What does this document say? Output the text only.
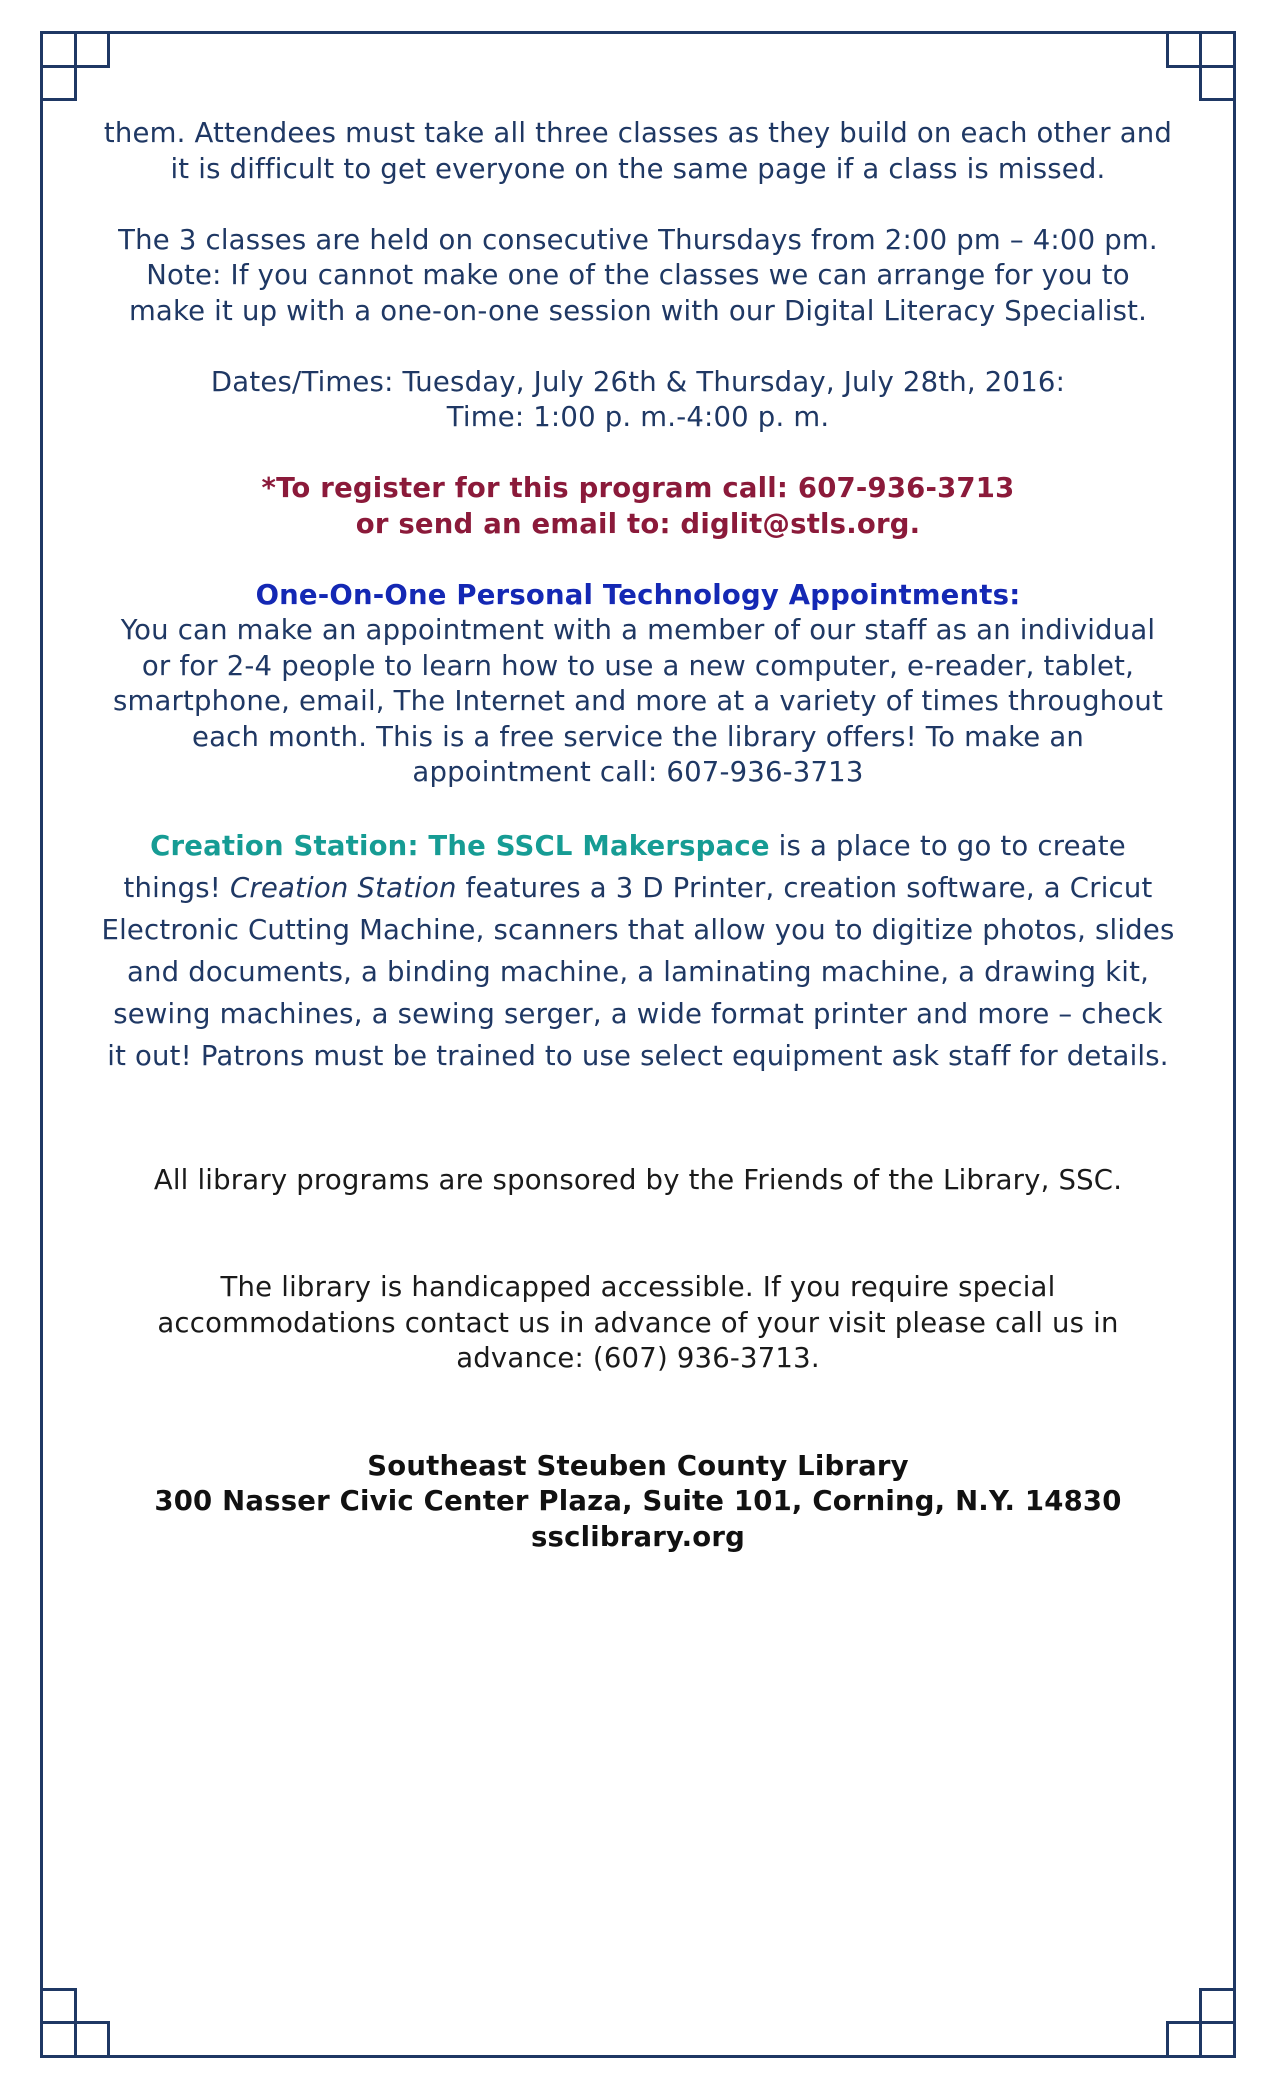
them. Attendees must take all three classes as they build on each other and

it is difficult to get everyone on the same page if a class is missed.

The 3 classes are held on consecutive Thursdays from 2:00 pm – 4:00 pm.

Note: If you cannot make one of the classes we can arrange for you to

make it up with a one-on-one session with our Digital Literacy Specialist.

Dates/Times: Tuesday, July 26th & Thursday, July 28th, 2016:

Time: 1:00 p. m.-4:00 p. m.

*To register for this program call: 607-936-3713

or send an email to: diglit@stls.org.

One-On-One Personal Technology Appointments:

You can make an appointment with a member of our staff as an individual

or for 2-4 people to learn how to use a new computer, e-reader, tablet,

smartphone, email, The Internet and more at a variety of times throughout

each month. This is a free service the library offers! To make an

appointment call: 607-936-3713

Creation Station: The SSCL Makerspace is a place to go to create

things! Creation Station features a 3 D Printer, creation software, a Cricut

Electronic Cutting Machine, scanners that allow you to digitize photos, slides

and documents, a binding machine, a laminating machine, a drawing kit,

sewing machines, a sewing serger, a wide format printer and more – check

it out! Patrons must be trained to use select equipment ask staff for details.

All library programs are sponsored by the Friends of the Library, SSC.

The library is handicapped accessible. If you require special

accommodations contact us in advance of your visit please call us in

advance: (607) 936-3713.

Southeast Steuben County Library

300 Nasser Civic Center Plaza, Suite 101, Corning, N.Y. 14830

ssclibrary.org
